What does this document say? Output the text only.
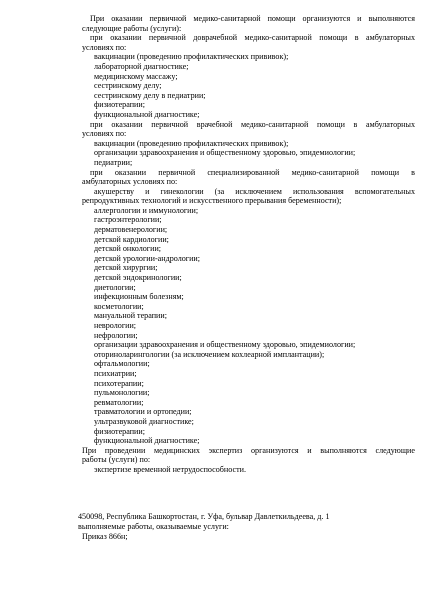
При оказании первичной медико-санитарной помощи организуются и выполняются
следующие работы (услуги):
при оказании первичной доврачебной медико-санитарной помощи в амбулаторных
условиях по:
вакцинации (проведению профилактических прививок);
лабораторной диагностике;
медицинскому массажу;
сестринскому делу;
сестринскому делу в педиатрии;
физиотерапии;
функциональной диагностике;
при оказании первичной врачебной медико-санитарной помощи в амбулаторных
условиях по:
вакцинации (проведению профилактических прививок);
организации здравоохранения и общественному здоровью, эпидемиологии;
педиатрии;
при оказании первичной специализированной медико-санитарной помощи в
амбулаторных условиях по:
акушерству и гинекологии (за исключением использования вспомогательных
репродуктивных технологий и искусственного прерывания беременности);
аллергологии и иммунологии;
гастроэнтерологии;
дерматовенерологии;
детской кардиологии;
детской онкологии;
детской урологии-андрологии;
детской хирургии;
детской эндокринологии;
диетологии;
инфекционным болезням;
косметологии;
мануальной терапии;
неврологии;
нефрологии;
организации здравоохранения и общественному здоровью, эпидемиологии;
оториноларингологии (за исключением кохлеарной имплантации);
офтальмологии;
психиатрии;
психотерапии;
пульмонологии;
ревматологии;
травматологии и ортопедии;
ультразвуковой диагностике;
физиотерапии;
функциональной диагностике;
При проведении медицинских экспертиз организуются и выполняются следующие
работы (услуги) по:
экспертизе временной нетрудоспособности.
450098, Республика Башкортостан, г. Уфа, бульвар Давлеткильдеева, д. 1
выполняемые работы, оказываемые услуги:
Приказ 866н;
